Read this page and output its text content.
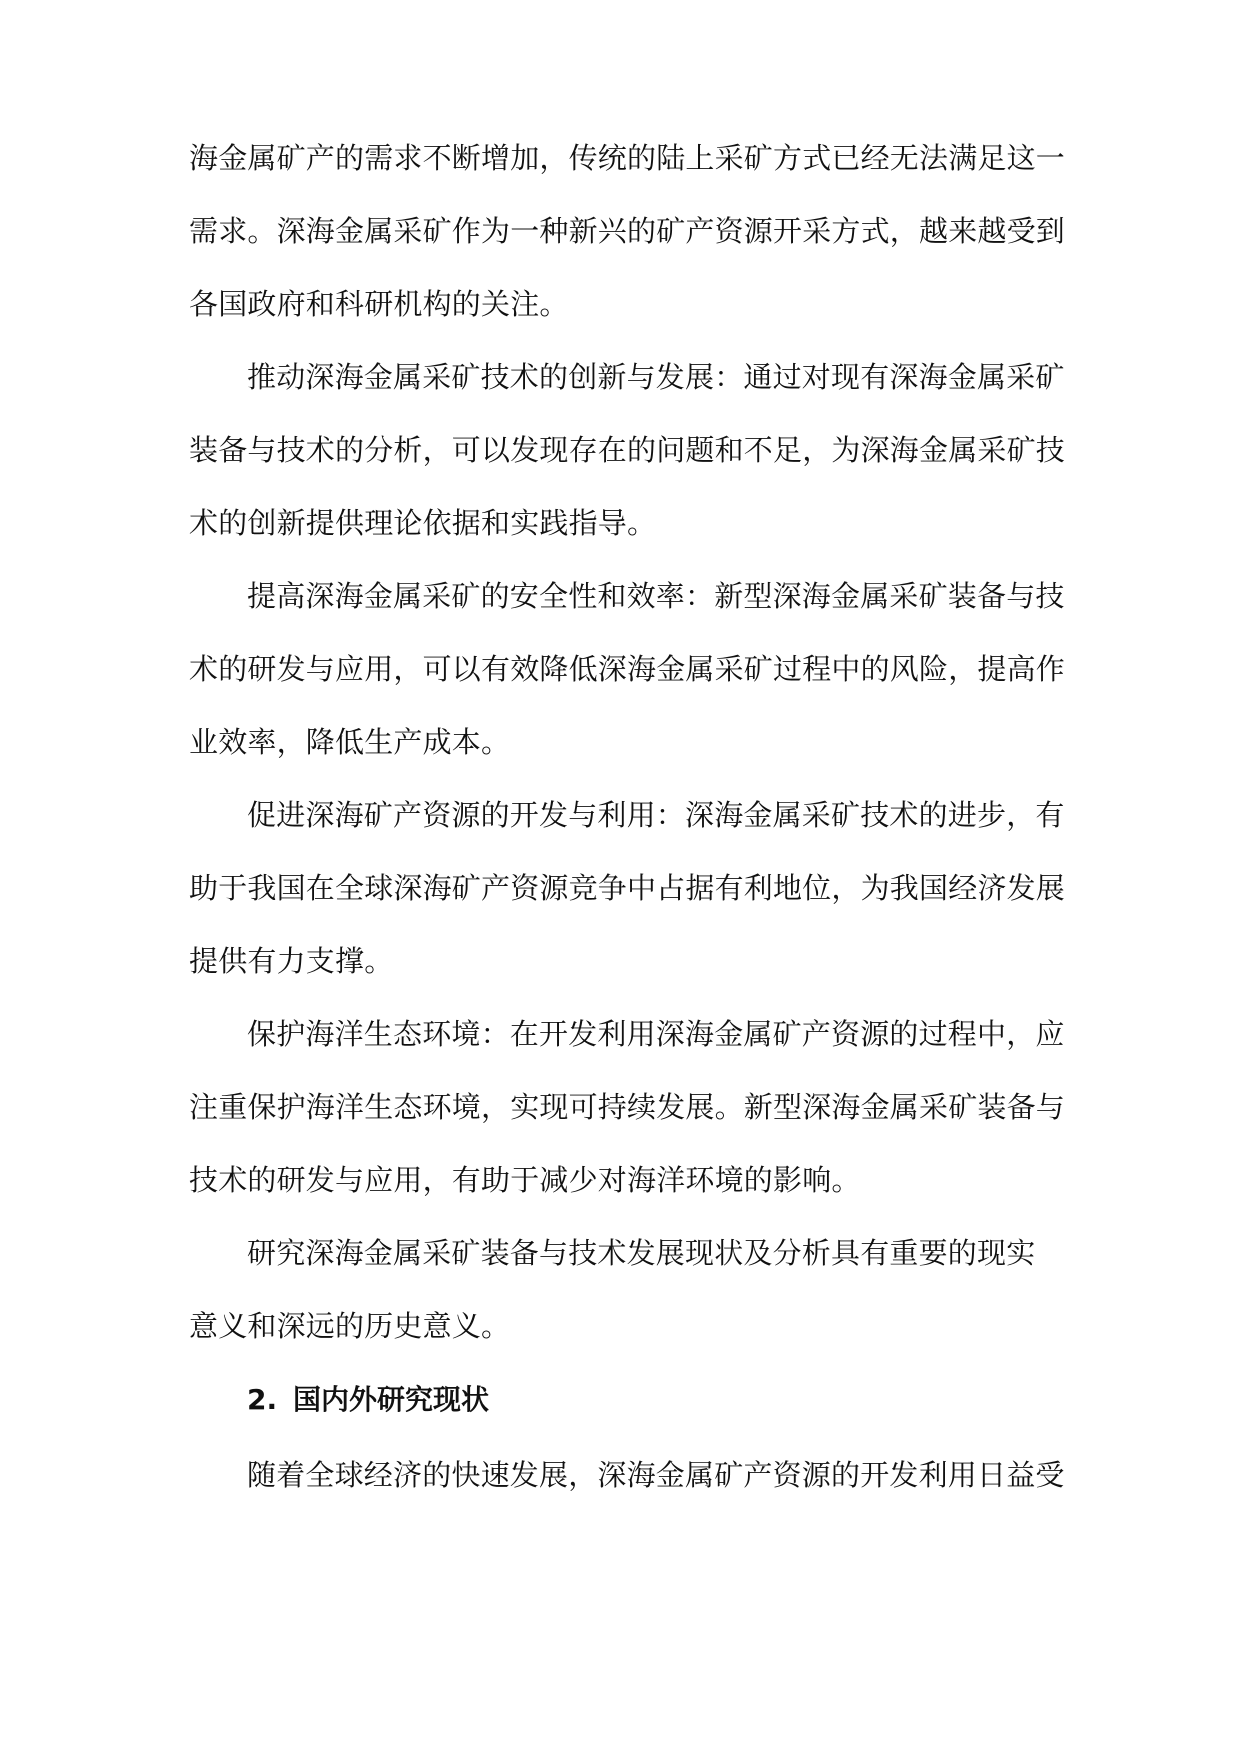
海金属矿产的需求不断增加，传统的陆上采矿方式已经无法满足这一
需求。深海金属采矿作为一种新兴的矿产资源开采方式，越来越受到
各国政府和科研机构的关注。
推动深海金属采矿技术的创新与发展：通过对现有深海金属采矿
装备与技术的分析，可以发现存在的问题和不足，为深海金属采矿技
术的创新提供理论依据和实践指导。
提高深海金属采矿的安全性和效率：新型深海金属采矿装备与技
术的研发与应用，可以有效降低深海金属采矿过程中的风险，提高作
业效率，降低生产成本。
促进深海矿产资源的开发与利用：深海金属采矿技术的进步，有
助于我国在全球深海矿产资源竞争中占据有利地位，为我国经济发展
提供有力支撑。
保护海洋生态环境：在开发利用深海金属矿产资源的过程中，应
注重保护海洋生态环境，实现可持续发展。新型深海金属采矿装备与
技术的研发与应用，有助于减少对海洋环境的影响。
研究深海金属采矿装备与技术发展现状及分析具有重要的现实
意义和深远的历史意义。
2. 国内外研究现状
随着全球经济的快速发展，深海金属矿产资源的开发利用日益受
